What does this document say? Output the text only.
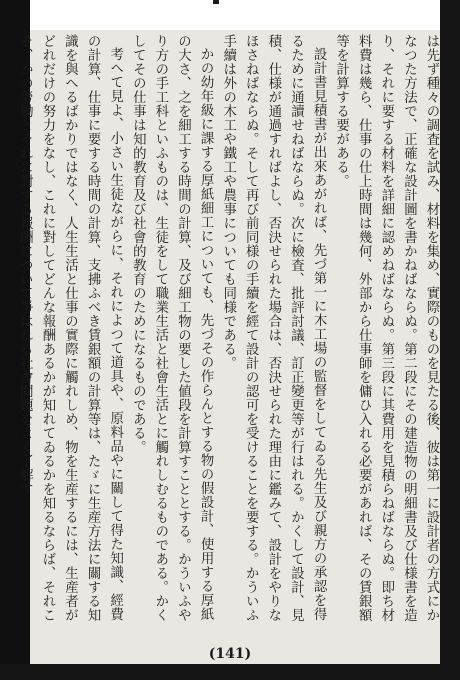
は先ず種々の調査を試み、材料を集め、實際のものを見たる後、彼は第一に設計者の方式にかなつた方法で、正確な設計圖を書かねばならぬ。第二段にその建造物の明細書及び仕様書を造り、それに要する材料を詳細に認めねばならぬ。第三段に其費用を見積らねばならぬ。即ち材料費は幾ら、仕事の仕上時間は幾何、外部から仕事師を傭ひ入れる必要があれば、その賃銀額等を計算する要がある。

設計書見積書が出來あがれば、先づ第一に木工場の監督をしてゐる先生及び親方の承認を得るために通讀せねばならぬ。次に檢査、批評討議、訂正變更等が行はれる。かくして設計、見積、仕様が通過すればよし、否決せられた場合は、否決せられた理由に鑑みて、設計をやりなほさねばならぬ。そして再び前同様の手續を經て設計の認可を受けることを要する。かういふ手續は外の木工や鐵工や農事についても同様である。

かの幼年級に課する厚紙細工についても、先づその作らんとする物の假設計、使用する厚紙の大さ、之を細工する時間の計算、及び細工物の要した値段を計算すこととする。かういふやり方の手工科といふものは、生徒をして職業生活と社會生活とに觸れしむるものである。かくしてその仕事は知的教育及び社會的教育のためになるものである。

考へて見よ、小さい生徒ながらに、それによつて道具や、原料品やに關して得た知識、經費の計算、仕事に要する時間の計算、支拂ふべき賃銀額の計算等は、たゞに生産方法に關する知識を與へるばかりではなく、人生生活と仕事の實際に觸れしめ、物を生産するには、生産者がどれだけの努力をなし、これに對してどんな報酬あるかが知れてゐるかを知るならば、それこそ、かの勞働とそれに對する報酬について爭はれる社會問題をよく了解す

(141)
